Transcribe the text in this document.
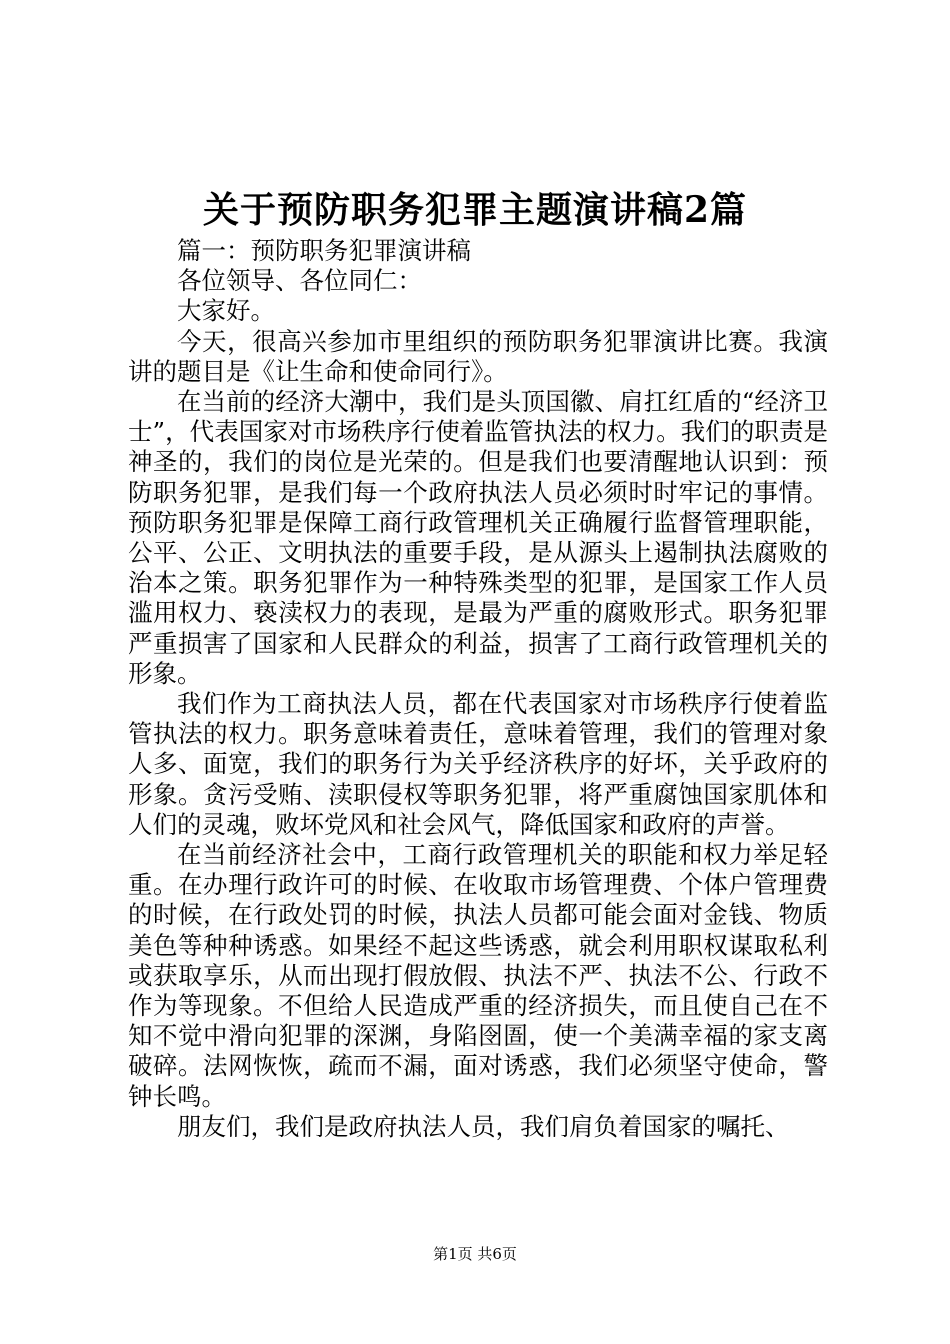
关于预防职务犯罪主题演讲稿2篇

篇一：预防职务犯罪演讲稿

各位领导、各位同仁：

大家好。

今天，很高兴参加市里组织的预防职务犯罪演讲比赛。我演讲的题目是《让生命和使命同行》。

在当前的经济大潮中，我们是头顶国徽、肩扛红盾的“经济卫士”，代表国家对市场秩序行使着监管执法的权力。我们的职责是神圣的，我们的岗位是光荣的。但是我们也要清醒地认识到：预防职务犯罪，是我们每一个政府执法人员必须时时牢记的事情。预防职务犯罪是保障工商行政管理机关正确履行监督管理职能，公平、公正、文明执法的重要手段，是从源头上遏制执法腐败的治本之策。职务犯罪作为一种特殊类型的犯罪，是国家工作人员滥用权力、亵渎权力的表现，是最为严重的腐败形式。职务犯罪严重损害了国家和人民群众的利益，损害了工商行政管理机关的形象。

我们作为工商执法人员，都在代表国家对市场秩序行使着监管执法的权力。职务意味着责任，意味着管理，我们的管理对象人多、面宽，我们的职务行为关乎经济秩序的好坏，关乎政府的形象。贪污受贿、渎职侵权等职务犯罪，将严重腐蚀国家肌体和人们的灵魂，败坏党风和社会风气，降低国家和政府的声誉。

在当前经济社会中，工商行政管理机关的职能和权力举足轻重。在办理行政许可的时候、在收取市场管理费、个体户管理费的时候，在行政处罚的时候，执法人员都可能会面对金钱、物质美色等种种诱惑。如果经不起这些诱惑，就会利用职权谋取私利或获取享乐，从而出现打假放假、执法不严、执法不公、行政不作为等现象。不但给人民造成严重的经济损失，而且使自己在不知不觉中滑向犯罪的深渊，身陷囹圄，使一个美满幸福的家支离破碎。法网恢恢，疏而不漏，面对诱惑，我们必须坚守使命，警钟长鸣。

朋友们，我们是政府执法人员，我们肩负着国家的嘱托、

第1页 共6页
